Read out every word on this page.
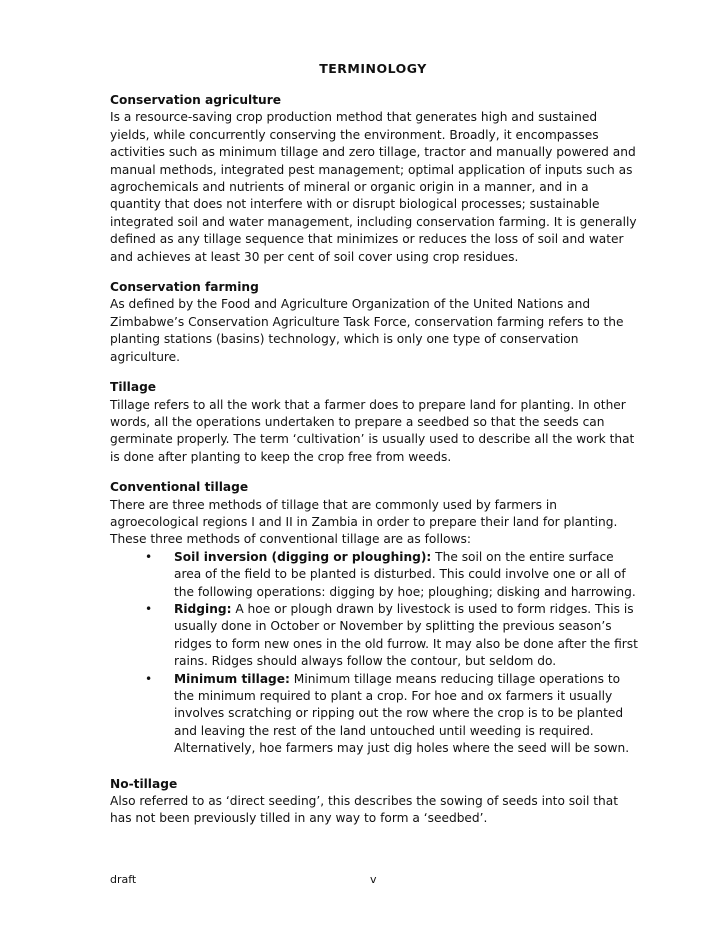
TERMINOLOGY
Conservation agriculture

Is a resource-saving crop production method that generates high and sustained yields, while concurrently conserving the environment. Broadly, it encompasses activities such as minimum tillage and zero tillage, tractor and manually powered and manual methods, integrated pest management; optimal application of inputs such as agrochemicals and nutrients of mineral or organic origin in a manner, and in a quantity that does not interfere with or disrupt biological processes; sustainable integrated soil and water management, including conservation farming. It is generally defined as any tillage sequence that minimizes or reduces the loss of soil and water and achieves at least 30 per cent of soil cover using crop residues.

Conservation farming

As defined by the Food and Agriculture Organization of the United Nations and Zimbabwe’s Conservation Agriculture Task Force, conservation farming refers to the planting stations (basins) technology, which is only one type of conservation agriculture.

Tillage

Tillage refers to all the work that a farmer does to prepare land for planting. In other words, all the operations undertaken to prepare a seedbed so that the seeds can germinate properly. The term ‘cultivation’ is usually used to describe all the work that is done after planting to keep the crop free from weeds.

Conventional tillage

There are three methods of tillage that are commonly used by farmers in agroecological regions I and II in Zambia in order to prepare their land for planting. These three methods of conventional tillage are as follows:

• Soil inversion (digging or ploughing): The soil on the entire surface area of the field to be planted is disturbed. This could involve one or all of the following operations: digging by hoe; ploughing; disking and harrowing.
• Ridging: A hoe or plough drawn by livestock is used to form ridges. This is usually done in October or November by splitting the previous season’s ridges to form new ones in the old furrow. It may also be done after the first rains. Ridges should always follow the contour, but seldom do.
• Minimum tillage: Minimum tillage means reducing tillage operations to the minimum required to plant a crop. For hoe and ox farmers it usually involves scratching or ripping out the row where the crop is to be planted and leaving the rest of the land untouched until weeding is required. Alternatively, hoe farmers may just dig holes where the seed will be sown.
No-tillage

Also referred to as ‘direct seeding’, this describes the sowing of seeds into soil that has not been previously tilled in any way to form a ‘seedbed’.

draft	v
